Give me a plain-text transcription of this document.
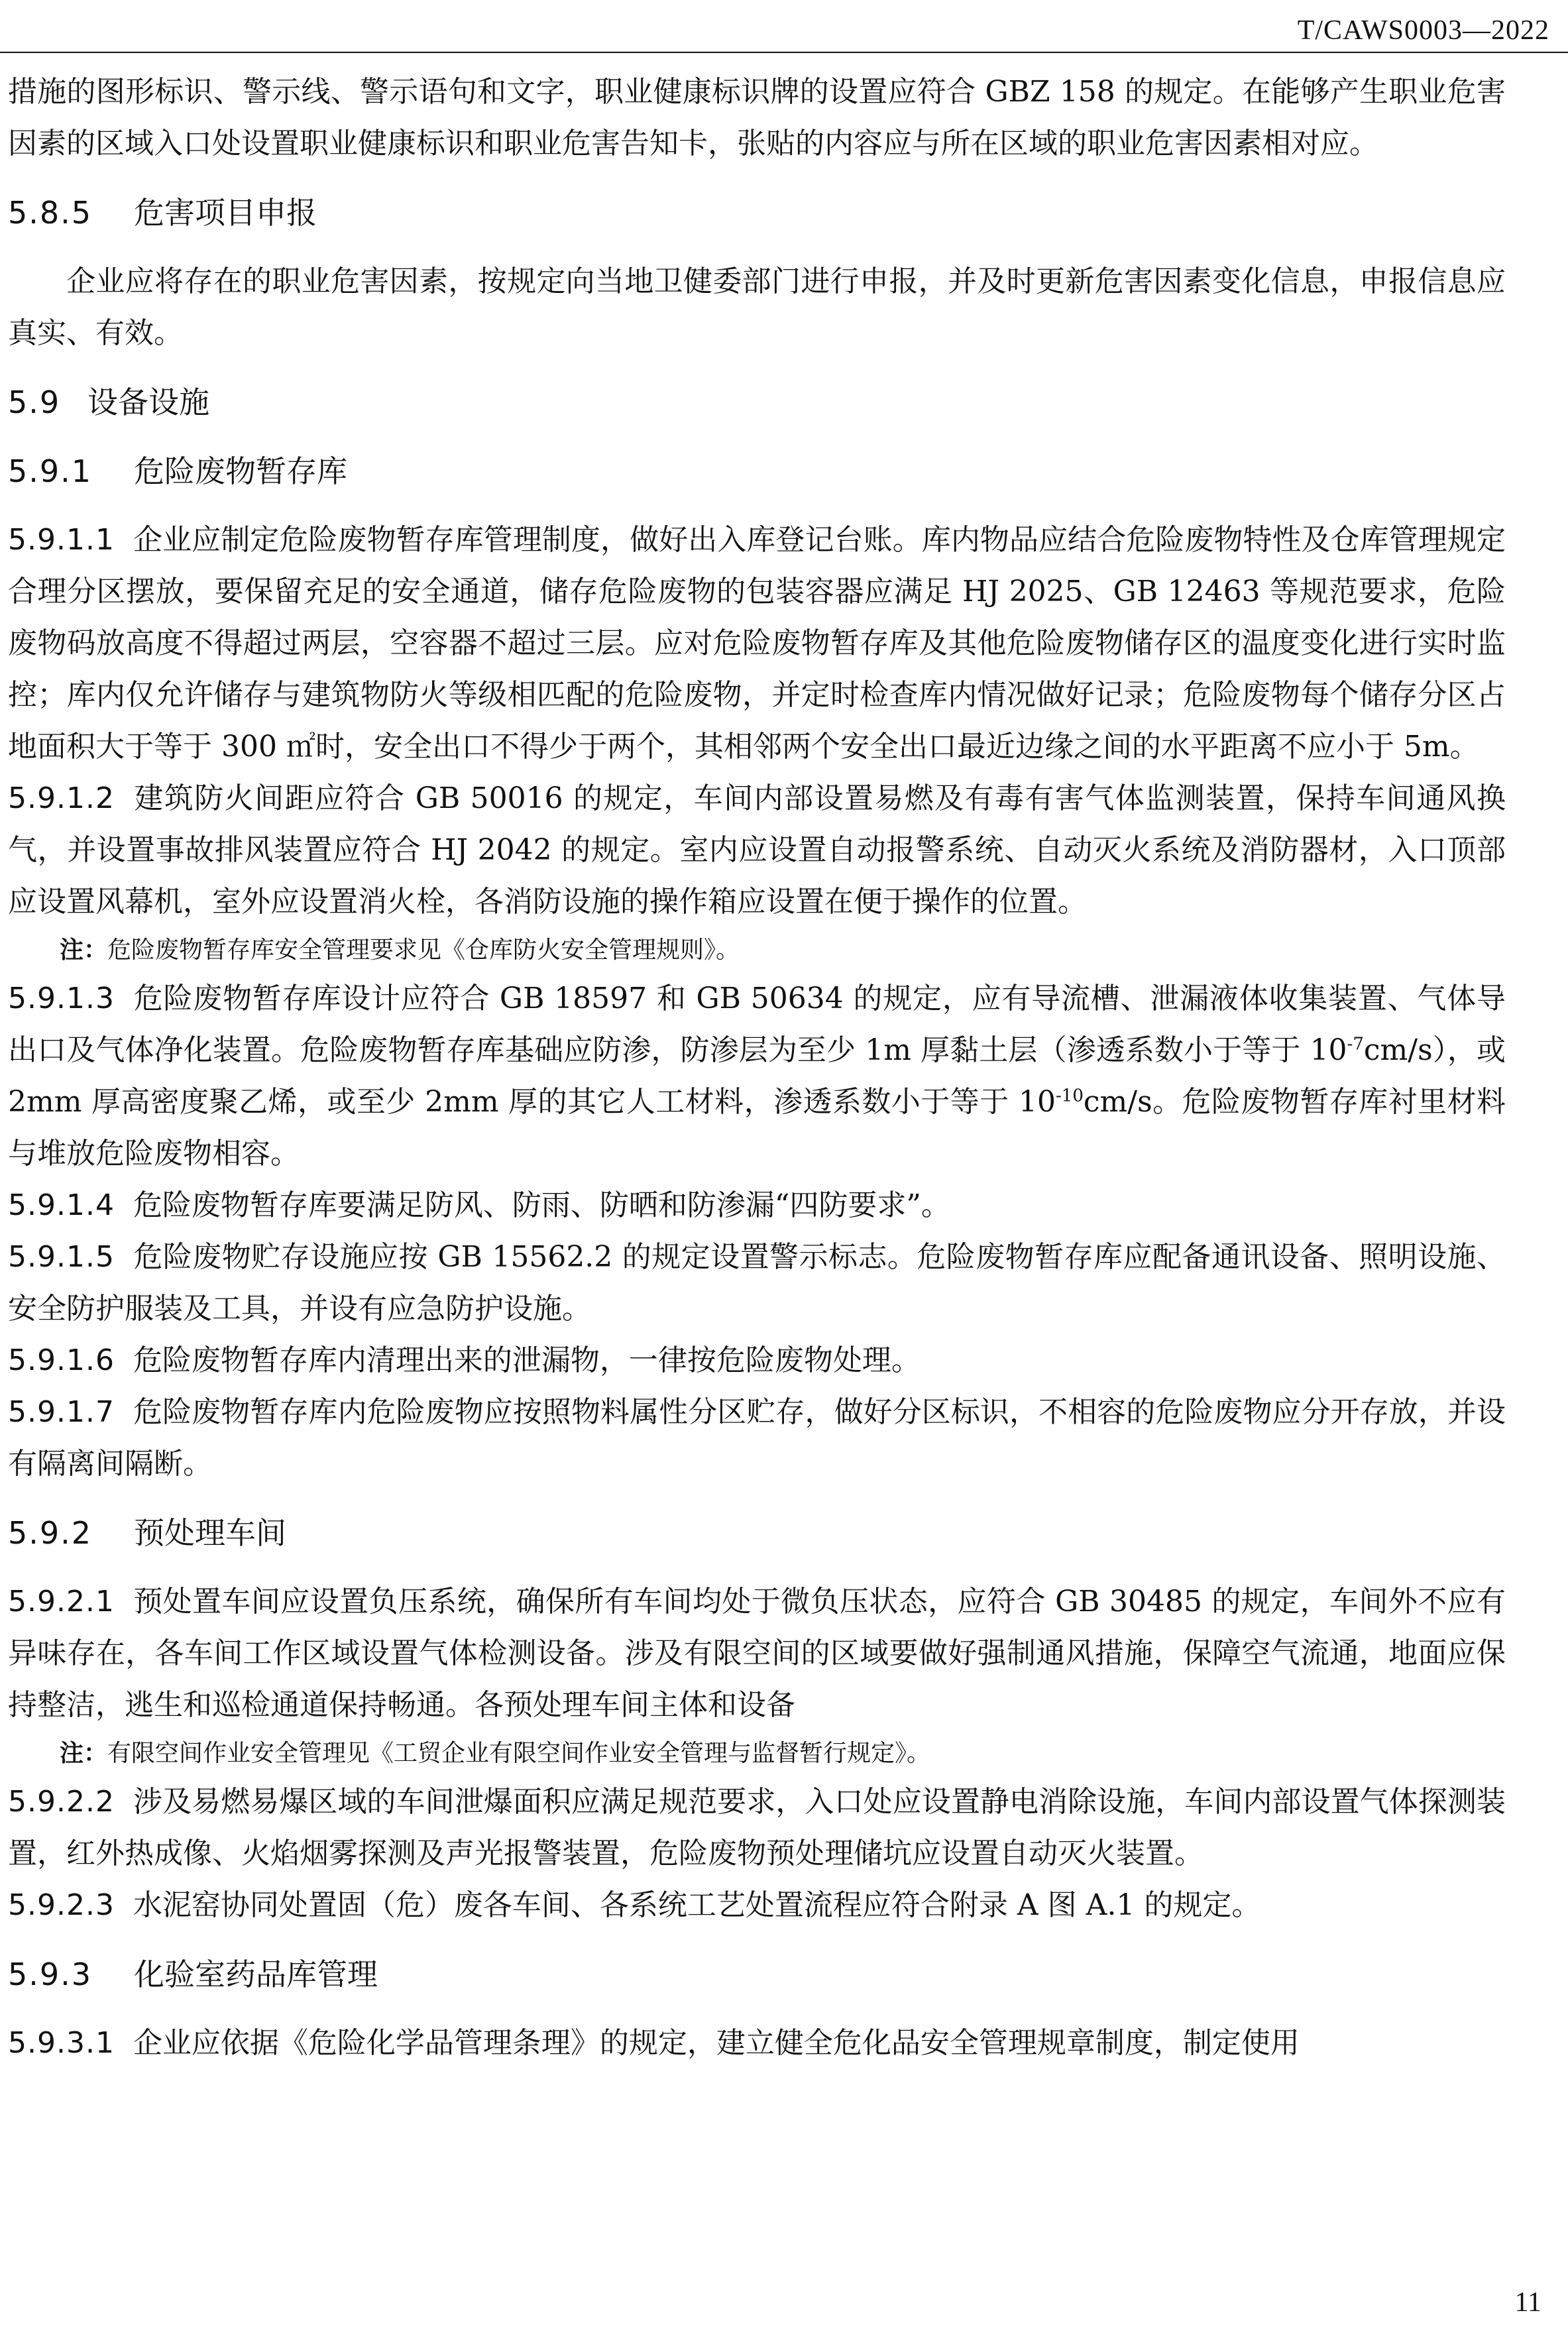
T/CAWS0003—2022

措施的图形标识、警示线、警示语句和文字，职业健康标识牌的设置应符合 GBZ 158 的规定。在能够产生职业危害因素的区域入口处设置职业健康标识和职业危害告知卡，张贴的内容应与所在区域的职业危害因素相对应。

5.8.5 危害项目申报

企业应将存在的职业危害因素，按规定向当地卫健委部门进行申报，并及时更新危害因素变化信息，申报信息应真实、有效。

5.9 设备设施
5.9.1 危险废物暂存库

5.9.1.1 企业应制定危险废物暂存库管理制度，做好出入库登记台账。库内物品应结合危险废物特性及仓库管理规定合理分区摆放，要保留充足的安全通道，储存危险废物的包装容器应满足 HJ 2025、GB 12463 等规范要求，危险废物码放高度不得超过两层，空容器不超过三层。应对危险废物暂存库及其他危险废物储存区的温度变化进行实时监控；库内仅允许储存与建筑物防火等级相匹配的危险废物，并定时检查库内情况做好记录；危险废物每个储存分区占地面积大于等于 300 ㎡时，安全出口不得少于两个，其相邻两个安全出口最近边缘之间的水平距离不应小于 5m。

5.9.1.2 建筑防火间距应符合 GB 50016 的规定，车间内部设置易燃及有毒有害气体监测装置，保持车间通风换气，并设置事故排风装置应符合 HJ 2042 的规定。室内应设置自动报警系统、自动灭火系统及消防器材，入口顶部应设置风幕机，室外应设置消火栓，各消防设施的操作箱应设置在便于操作的位置。

注：危险废物暂存库安全管理要求见《仓库防火安全管理规则》。

5.9.1.3 危险废物暂存库设计应符合 GB 18597 和 GB 50634 的规定，应有导流槽、泄漏液体收集装置、气体导出口及气体净化装置。危险废物暂存库基础应防渗，防渗层为至少 1m 厚黏土层（渗透系数小于等于 $10^{-7}cm/s$），或 2mm 厚高密度聚乙烯，或至少 2mm 厚的其它人工材料，渗透系数小于等于 $10^{-10}cm/s$。危险废物暂存库衬里材料与堆放危险废物相容。

5.9.1.4 危险废物暂存库要满足防风、防雨、防晒和防渗漏“四防要求”。

5.9.1.5 危险废物贮存设施应按 GB 15562.2 的规定设置警示标志。危险废物暂存库应配备通讯设备、照明设施、安全防护服装及工具，并设有应急防护设施。

5.9.1.6 危险废物暂存库内清理出来的泄漏物，一律按危险废物处理。

5.9.1.7 危险废物暂存库内危险废物应按照物料属性分区贮存，做好分区标识，不相容的危险废物应分开存放，并设有隔离间隔断。

5.9.2 预处理车间

5.9.2.1 预处置车间应设置负压系统，确保所有车间均处于微负压状态，应符合 GB 30485 的规定，车间外不应有异味存在，各车间工作区域设置气体检测设备。涉及有限空间的区域要做好强制通风措施，保障空气流通，地面应保持整洁，逃生和巡检通道保持畅通。各预处理车间主体和设备

注：有限空间作业安全管理见《工贸企业有限空间作业安全管理与监督暂行规定》。

5.9.2.2 涉及易燃易爆区域的车间泄爆面积应满足规范要求，入口处应设置静电消除设施，车间内部设置气体探测装置，红外热成像、火焰烟雾探测及声光报警装置，危险废物预处理储坑应设置自动灭火装置。

5.9.2.3 水泥窑协同处置固（危）废各车间、各系统工艺处置流程应符合附录 A 图 A.1 的规定。

5.9.3 化验室药品库管理

5.9.3.1 企业应依据《危险化学品管理条理》的规定，建立健全危化品安全管理规章制度，制定使用

11
